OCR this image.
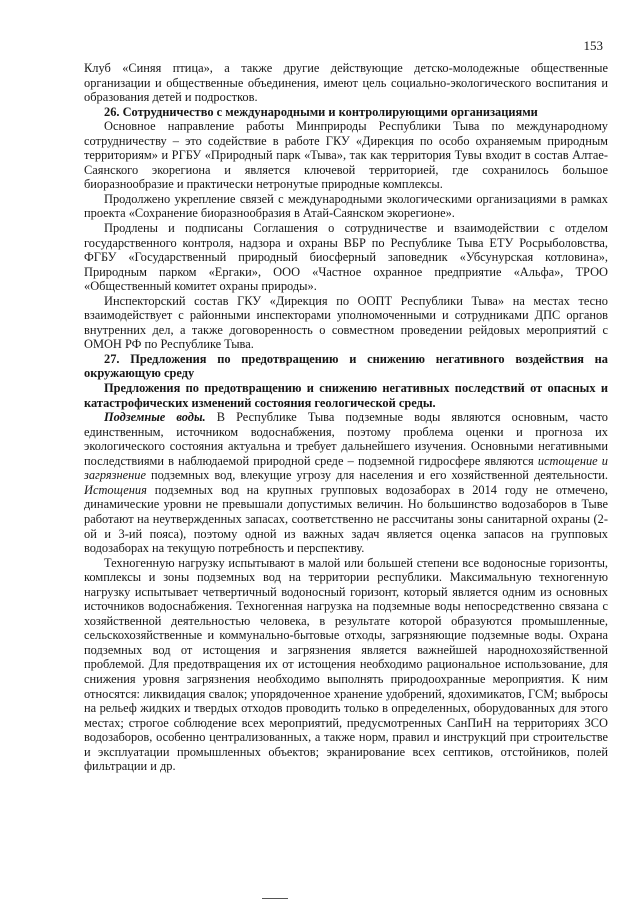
153

Клуб «Синяя птица», а также другие действующие детско-молодежные общественные организации и общественные объединения, имеют цель социально-экологического воспитания и образования детей и подростков.

26. Сотрудничество с международными и контролирующими организациями

Основное направление работы Минприроды Республики Тыва по международному сотрудничеству – это содействие в работе ГКУ «Дирекция по особо охраняемым природным территориям» и РГБУ «Природный парк «Тыва», так как территория Тувы входит в состав Алтае-Саянского экорегиона и является ключевой территорией, где сохранилось большое биоразнообразие и практически нетронутые природные комплексы.

Продолжено укрепление связей с международными экологическими организациями в рамках проекта «Сохранение биоразнообразия в Атай-Саянском экорегионе».

Продлены и подписаны Соглашения о сотрудничестве и взаимодействии с отделом государственного контроля, надзора и охраны ВБР по Республике Тыва ЕТУ Росрыболовства, ФГБУ «Государственный природный биосферный заповедник «Убсунурская котловина», Природным парком «Ергаки», ООО «Частное охранное предприятие «Альфа», ТРОО «Общественный комитет охраны природы».

Инспекторский состав ГКУ «Дирекция по ООПТ Республики Тыва» на местах тесно взаимодействует с районными инспекторами уполномоченными и сотрудниками ДПС органов внутренних дел, а также договоренность о совместном проведении рейдовых мероприятий с ОМОН РФ по Республике Тыва.

27. Предложения по предотвращению и снижению негативного воздействия на окружающую среду

Предложения по предотвращению и снижению негативных последствий от опасных и катастрофических изменений состояния геологической среды.

Подземные воды. В Республике Тыва подземные воды являются основным, часто единственным, источником водоснабжения, поэтому проблема оценки и прогноза их экологического состояния актуальна и требует дальнейшего изучения. Основными негативными последствиями в наблюдаемой природной среде – подземной гидросфере являются истощение и загрязнение подземных вод, влекущие угрозу для населения и его хозяйственной деятельности. Истощения подземных вод на крупных групповых водозаборах в 2014 году не отмечено, динамические уровни не превышали допустимых величин. Но большинство водозаборов в Тыве работают на неутвержденных запасах, соответственно не рассчитаны зоны санитарной охраны (2-ой и 3-ий пояса), поэтому одной из важных задач является оценка запасов на групповых водозаборах на текущую потребность и перспективу.

Техногенную нагрузку испытывают в малой или большей степени все водоносные горизонты, комплексы и зоны подземных вод на территории республики. Максимальную техногенную нагрузку испытывает четвертичный водоносный горизонт, который является одним из основных источников водоснабжения. Техногенная нагрузка на подземные воды непосредственно связана с хозяйственной деятельностью человека, в результате которой образуются промышленные, сельскохозяйственные и коммунально-бытовые отходы, загрязняющие подземные воды. Охрана подземных вод от истощения и загрязнения является важнейшей народнохозяйственной проблемой. Для предотвращения их от истощения необходимо рациональное использование, для снижения уровня загрязнения необходимо выполнять природоохранные мероприятия. К ним относятся: ликвидация свалок; упорядоченное хранение удобрений, ядохимикатов, ГСМ; выбросы на рельеф жидких и твердых отходов проводить только в определенных, оборудованных для этого местах; строгое соблюдение всех мероприятий, предусмотренных СанПиН на территориях ЗСО водозаборов, особенно централизованных, а также норм, правил и инструкций при строительстве и эксплуатации промышленных объектов; экранирование всех септиков, отстойников, полей фильтрации и др.
